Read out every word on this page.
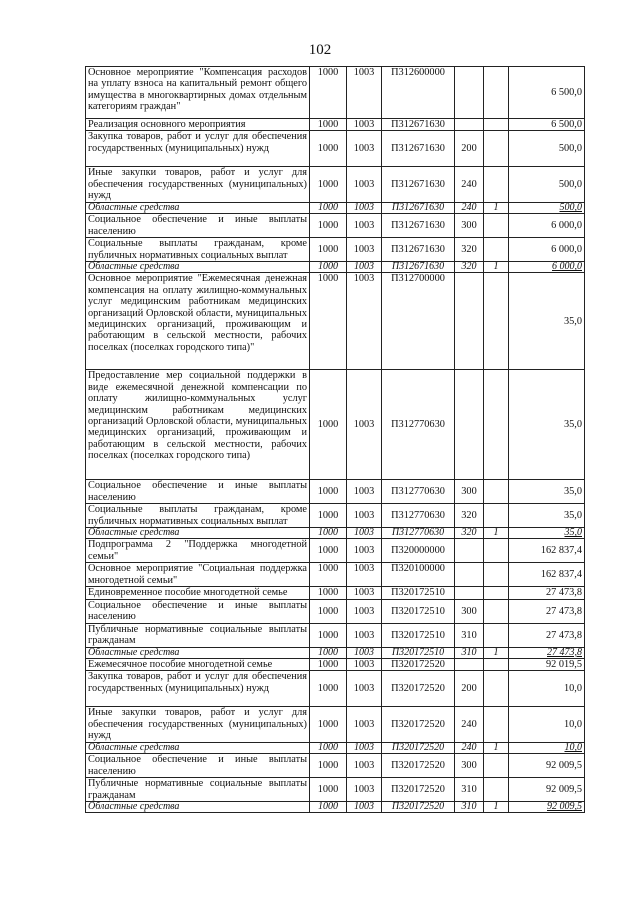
102
Основное мероприятие "Компенсация расходов на уплату взноса на капитальный ремонт общего имущества в многоквартирных домах отдельным категориям граждан"	1000	1003	П312600000			6 500,0
Реализация основного мероприятия	1000	1003	П312671630			6 500,0
Закупка товаров, работ и услуг для обеспечения государственных (муниципальных) нужд	1000	1003	П312671630	200		500,0
Иные закупки товаров, работ и услуг для обеспечения государственных (муниципальных) нужд	1000	1003	П312671630	240		500,0
Областные средства	1000	1003	П312671630	240	1	500,0
Социальное обеспечение и иные выплаты населению	1000	1003	П312671630	300		6 000,0
Социальные выплаты гражданам, кроме публичных нормативных социальных выплат	1000	1003	П312671630	320		6 000,0
Областные средства	1000	1003	П312671630	320	1	6 000,0
Основное мероприятие "Ежемесячная денежная компенсация на оплату жилищно-коммунальных услуг медицинским работникам медицинских организаций Орловской области, муниципальных медицинских организаций, проживающим и работающим в сельской местности, рабочих поселках (поселках городского типа)"	1000	1003	П312700000			35,0
Предоставление мер социальной поддержки в виде ежемесячной денежной компенсации по оплату жилищно-коммунальных услуг медицинским работникам медицинских организаций Орловской области, муниципальных медицинских организаций, проживающим и работающим в сельской местности, рабочих поселках (поселках городского типа)	1000	1003	П312770630			35,0
Социальное обеспечение и иные выплаты населению	1000	1003	П312770630	300		35,0
Социальные выплаты гражданам, кроме публичных нормативных социальных выплат	1000	1003	П312770630	320		35,0
Областные средства	1000	1003	П312770630	320	1	35,0
Подпрограмма 2 "Поддержка многодетной семьи"	1000	1003	П320000000			162 837,4
Основное мероприятие "Социальная поддержка многодетной семьи"	1000	1003	П320100000			162 837,4
Единовременное пособие многодетной семье	1000	1003	П320172510			27 473,8
Социальное обеспечение и иные выплаты населению	1000	1003	П320172510	300		27 473,8
Публичные нормативные социальные выплаты гражданам	1000	1003	П320172510	310		27 473,8
Областные средства	1000	1003	П320172510	310	1	27 473,8
Ежемесячное пособие многодетной семье	1000	1003	П320172520			92 019,5
Закупка товаров, работ и услуг для обеспечения государственных (муниципальных) нужд	1000	1003	П320172520	200		10,0
Иные закупки товаров, работ и услуг для обеспечения государственных (муниципальных) нужд	1000	1003	П320172520	240		10,0
Областные средства	1000	1003	П320172520	240	1	10,0
Социальное обеспечение и иные выплаты населению	1000	1003	П320172520	300		92 009,5
Публичные нормативные социальные выплаты гражданам	1000	1003	П320172520	310		92 009,5
Областные средства	1000	1003	П320172520	310	1	92 009,5
